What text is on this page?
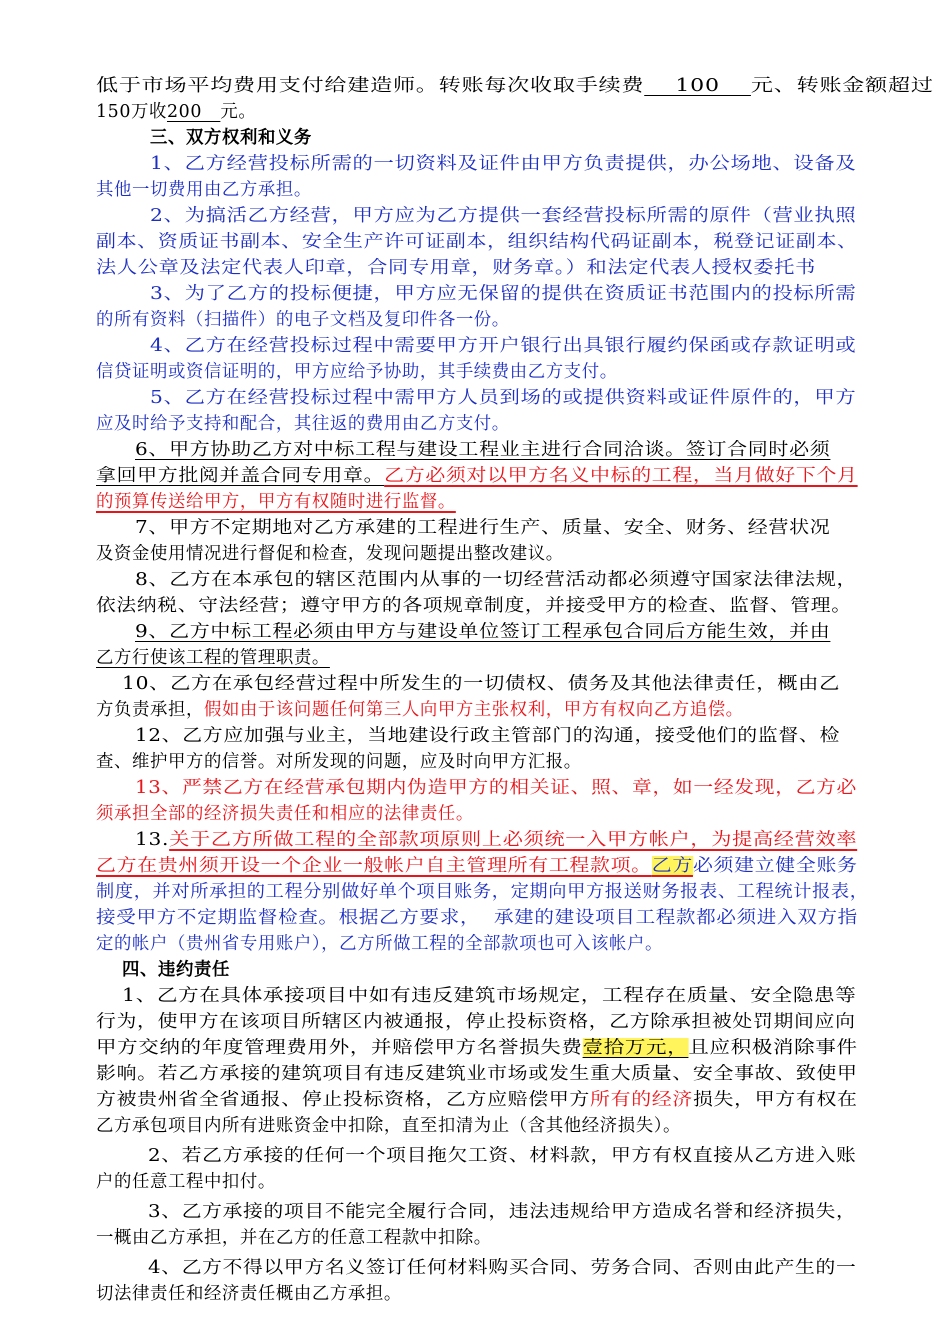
低于市场平均费用支付给建造师。转账每次收取手续费    100    元、转账金额超过
150万收200   元。
三、双方权利和义务
1、乙方经营投标所需的一切资料及证件由甲方负责提供，办公场地、设备及
其他一切费用由乙方承担。
2、为搞活乙方经营，甲方应为乙方提供一套经营投标所需的原件（营业执照
副本、资质证书副本、安全生产许可证副本，组织结构代码证副本，税登记证副本、
法人公章及法定代表人印章，合同专用章，财务章。）和法定代表人授权委托书
3、为了乙方的投标便捷，甲方应无保留的提供在资质证书范围内的投标所需
的所有资料（扫描件）的电子文档及复印件各一份。
4、乙方在经营投标过程中需要甲方开户银行出具银行履约保函或存款证明或
信贷证明或资信证明的，甲方应给予协助，其手续费由乙方支付。
5、乙方在经营投标过程中需甲方人员到场的或提供资料或证件原件的，甲方
应及时给予支持和配合，其往返的费用由乙方支付。
6、甲方协助乙方对中标工程与建设工程业主进行合同洽谈。签订合同时必须
拿回甲方批阅并盖合同专用章。乙方必须对以甲方名义中标的工程，当月做好下个月
的预算传送给甲方，甲方有权随时进行监督。
7、甲方不定期地对乙方承建的工程进行生产、质量、安全、财务、经营状况
及资金使用情况进行督促和检查，发现问题提出整改建议。
8、乙方在本承包的辖区范围内从事的一切经营活动都必须遵守国家法律法规，
依法纳税、守法经营；遵守甲方的各项规章制度，并接受甲方的检查、监督、管理。
9、乙方中标工程必须由甲方与建设单位签订工程承包合同后方能生效，并由
乙方行使该工程的管理职责。
10、乙方在承包经营过程中所发生的一切债权、债务及其他法律责任，概由乙
方负责承担，假如由于该问题任何第三人向甲方主张权利，甲方有权向乙方追偿。
12、乙方应加强与业主，当地建设行政主管部门的沟通，接受他们的监督、检
查、维护甲方的信誉。对所发现的问题，应及时向甲方汇报。
13、严禁乙方在经营承包期内伪造甲方的相关证、照、章，如一经发现，乙方必
须承担全部的经济损失责任和相应的法律责任。
13.关于乙方所做工程的全部款项原则上必须统一入甲方帐户，为提高经营效率
乙方在贵州须开设一个企业一般帐户自主管理所有工程款项。乙方必须建立健全账务
制度，并对所承担的工程分别做好单个项目账务，定期向甲方报送财务报表、工程统计报表，
接受甲方不定期监督检查。根据乙方要求，  承建的建设项目工程款都必须进入双方指
定的帐户（贵州省专用账户），乙方所做工程的全部款项也可入该帐户。
四、违约责任
1、乙方在具体承接项目中如有违反建筑市场规定，工程存在质量、安全隐患等
行为，使甲方在该项目所辖区内被通报，停止投标资格，乙方除承担被处罚期间应向
甲方交纳的年度管理费用外，并赔偿甲方名誉损失费壹拾万元，且应积极消除事件
影响。若乙方承接的建筑项目有违反建筑业市场或发生重大质量、安全事故、致使甲
方被贵州省全省通报、停止投标资格，乙方应赔偿甲方所有的经济损失，甲方有权在
乙方承包项目内所有进账资金中扣除，直至扣清为止（含其他经济损失）。
2、若乙方承接的任何一个项目拖欠工资、材料款，甲方有权直接从乙方进入账
户的任意工程中扣付。
3、乙方承接的项目不能完全履行合同，违法违规给甲方造成名誉和经济损失，
一概由乙方承担，并在乙方的任意工程款中扣除。
4、乙方不得以甲方名义签订任何材料购买合同、劳务合同、否则由此产生的一
切法律责任和经济责任概由乙方承担。
